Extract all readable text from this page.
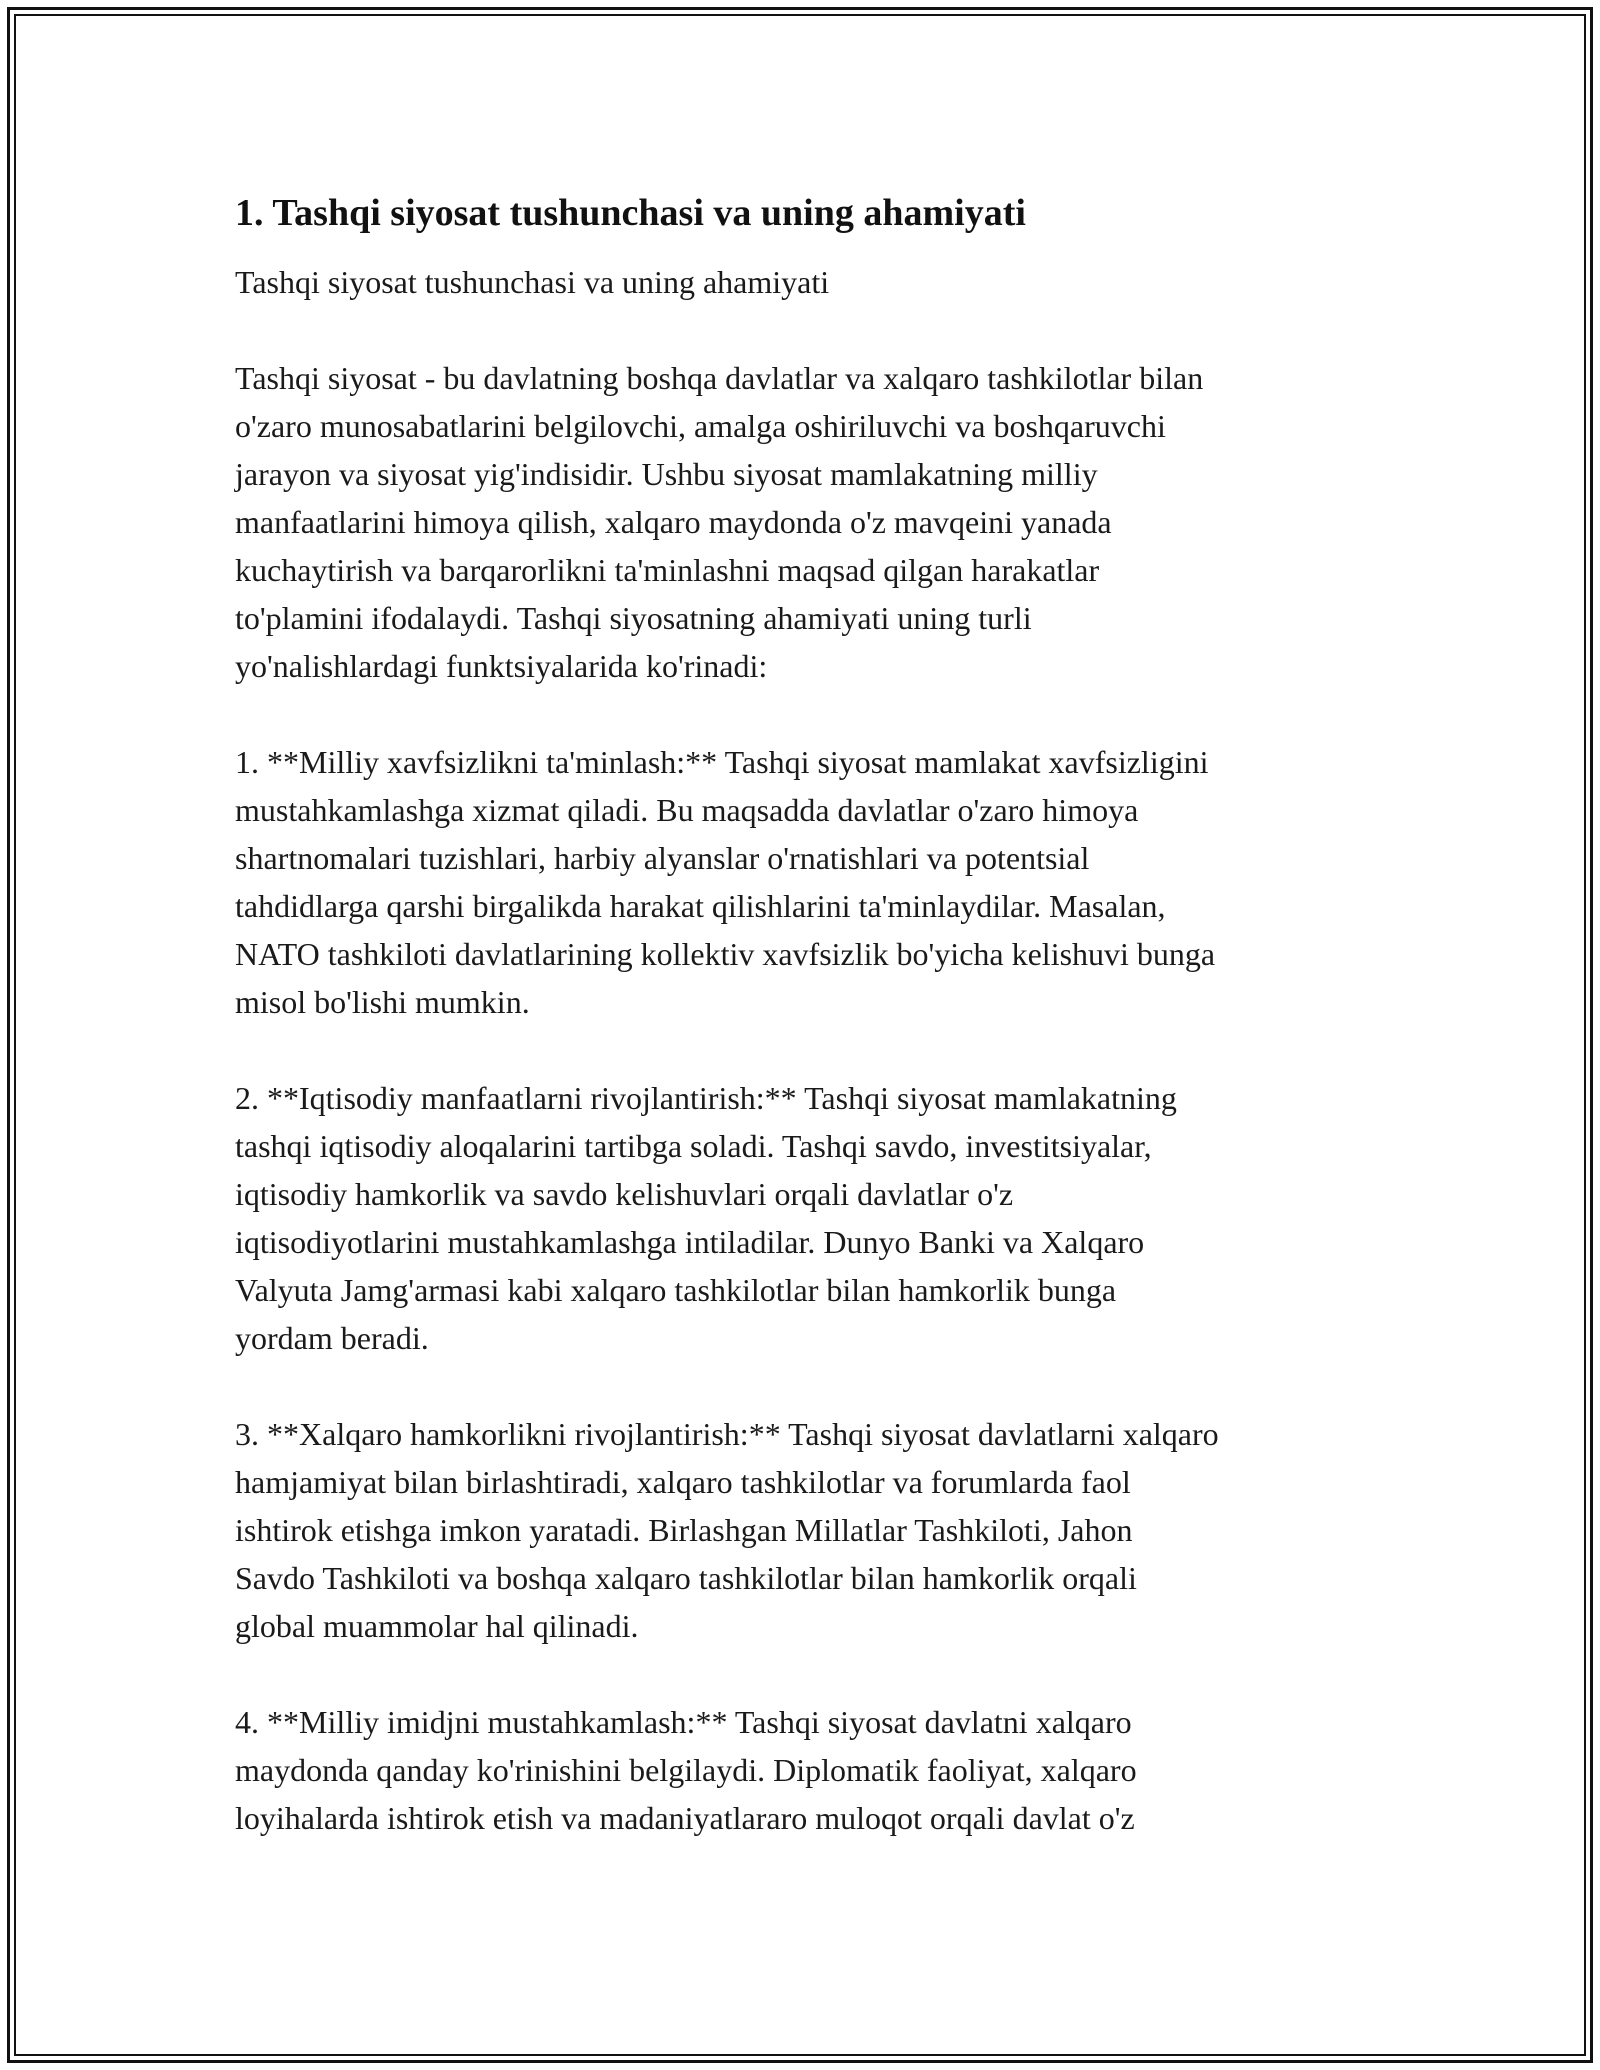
1. Tashqi siyosat tushunchasi va uning ahamiyati

Tashqi siyosat tushunchasi va uning ahamiyati

Tashqi siyosat - bu davlatning boshqa davlatlar va xalqaro tashkilotlar bilan
o'zaro munosabatlarini belgilovchi, amalga oshiriluvchi va boshqaruvchi
jarayon va siyosat yig'indisidir. Ushbu siyosat mamlakatning milliy
manfaatlarini himoya qilish, xalqaro maydonda o'z mavqeini yanada
kuchaytirish va barqarorlikni ta'minlashni maqsad qilgan harakatlar
to'plamini ifodalaydi. Tashqi siyosatning ahamiyati uning turli
yo'nalishlardagi funktsiyalarida ko'rinadi:

1. **Milliy xavfsizlikni ta'minlash:** Tashqi siyosat mamlakat xavfsizligini
mustahkamlashga xizmat qiladi. Bu maqsadda davlatlar o'zaro himoya
shartnomalari tuzishlari, harbiy alyanslar o'rnatishlari va potentsial
tahdidlarga qarshi birgalikda harakat qilishlarini ta'minlaydilar. Masalan,
NATO tashkiloti davlatlarining kollektiv xavfsizlik bo'yicha kelishuvi bunga
misol bo'lishi mumkin.

2. **Iqtisodiy manfaatlarni rivojlantirish:** Tashqi siyosat mamlakatning
tashqi iqtisodiy aloqalarini tartibga soladi. Tashqi savdo, investitsiyalar,
iqtisodiy hamkorlik va savdo kelishuvlari orqali davlatlar o'z
iqtisodiyotlarini mustahkamlashga intiladilar. Dunyo Banki va Xalqaro
Valyuta Jamg'armasi kabi xalqaro tashkilotlar bilan hamkorlik bunga
yordam beradi.

3. **Xalqaro hamkorlikni rivojlantirish:** Tashqi siyosat davlatlarni xalqaro
hamjamiyat bilan birlashtiradi, xalqaro tashkilotlar va forumlarda faol
ishtirok etishga imkon yaratadi. Birlashgan Millatlar Tashkiloti, Jahon
Savdo Tashkiloti va boshqa xalqaro tashkilotlar bilan hamkorlik orqali
global muammolar hal qilinadi.

4. **Milliy imidjni mustahkamlash:** Tashqi siyosat davlatni xalqaro
maydonda qanday ko'rinishini belgilaydi. Diplomatik faoliyat, xalqaro
loyihalarda ishtirok etish va madaniyatlararo muloqot orqali davlat o'z
